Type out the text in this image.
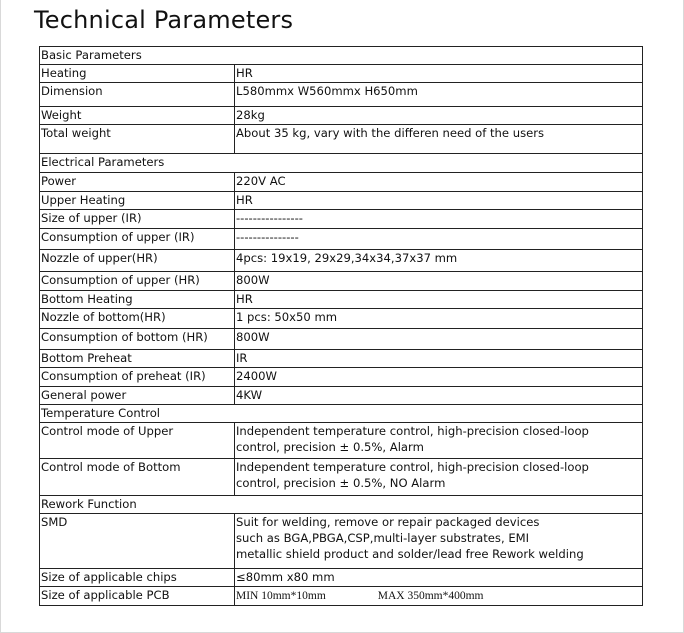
Technical Parameters
Basic Parameters	
Heating	HR
Dimension	L580mmx W560mmx H650mm
Weight	28kg
Total weight	About 35 kg, vary with the differen need of the users
Electrical Parameters	
Power	220V AC
Upper Heating	HR
Size of upper (IR)	----------------
Consumption of upper (IR)	---------------
Nozzle of upper(HR)	4pcs: 19x19, 29x29,34x34,37x37 mm
Consumption of upper (HR)	800W
Bottom Heating	HR
Nozzle of bottom(HR)	1 pcs: 50x50 mm
Consumption of bottom (HR)	800W
Bottom Preheat	IR
Consumption of preheat (IR)	2400W
General power	4KW
Temperature Control	
Control mode of Upper	Independent temperature control, high-precision closed-loop
control, precision ± 0.5%, Alarm

Control mode of Bottom	Independent temperature control, high-precision closed-loop
control, precision ± 0.5%, NO Alarm

Rework Function	
SMD	Suit for welding, remove or repair packaged devices
such as BGA,PBGA,CSP,multi-layer substrates, EMI
metallic shield product and solder/lead free Rework welding

Size of applicable chips	≤80mm x80 mm
Size of applicable PCB	MIN 10mm*10mm MAX 350mm*400mm
